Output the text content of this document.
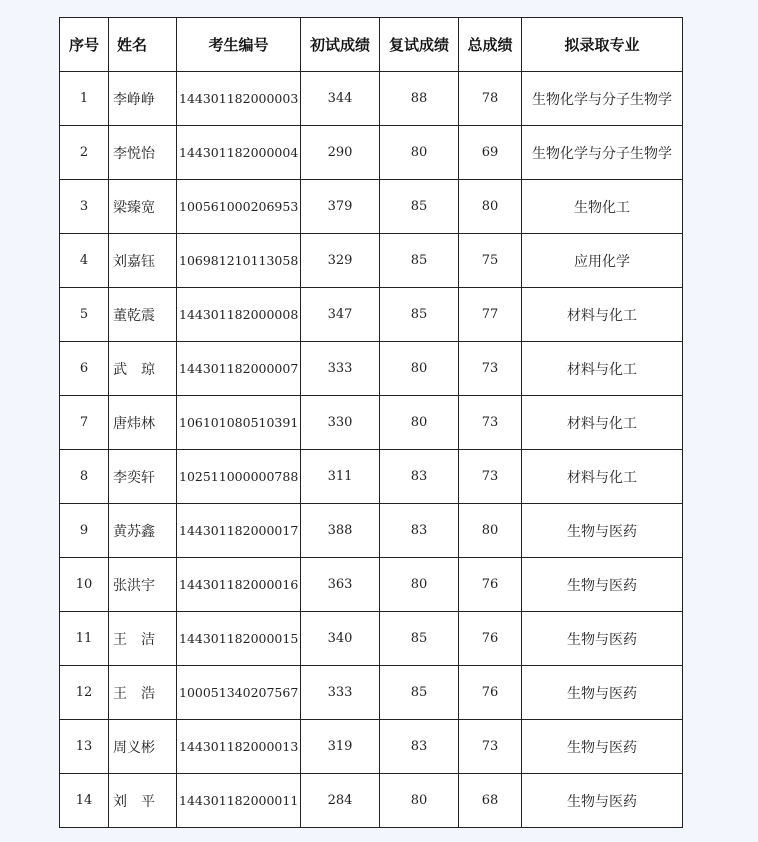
序号	姓名	考生编号	初试成绩	复试成绩	总成绩	拟录取专业
1	李峥峥	144301182000003	344	88	78	生物化学与分子生物学
2	李悦怡	144301182000004	290	80	69	生物化学与分子生物学
3	梁臻宽	100561000206953	379	85	80	生物化工
4	刘嘉钰	106981210113058	329	85	75	应用化学
5	董乾震	144301182000008	347	85	77	材料与化工
6	武　琼	144301182000007	333	80	73	材料与化工
7	唐炜林	106101080510391	330	80	73	材料与化工
8	李奕轩	102511000000788	311	83	73	材料与化工
9	黄苏鑫	144301182000017	388	83	80	生物与医药
10	张洪宇	144301182000016	363	80	76	生物与医药
11	王　洁	144301182000015	340	85	76	生物与医药
12	王　浩	100051340207567	333	85	76	生物与医药
13	周义彬	144301182000013	319	83	73	生物与医药
14	刘　平	144301182000011	284	80	68	生物与医药
